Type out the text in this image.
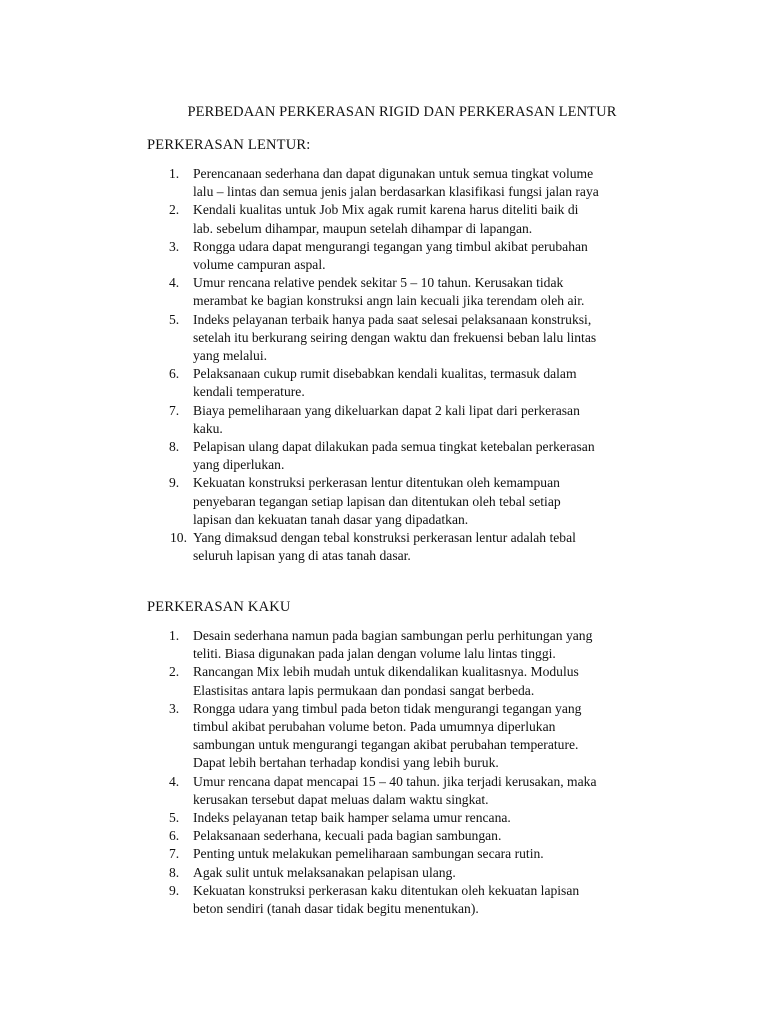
PERBEDAAN PERKERASAN RIGID DAN PERKERASAN LENTUR
PERKERASAN LENTUR:
1. Perencanaan sederhana dan dapat digunakan untuk semua tingkat volume
lalu – lintas dan semua jenis jalan berdasarkan klasifikasi fungsi jalan raya
2. Kendali kualitas untuk Job Mix agak rumit karena harus diteliti baik di
lab. sebelum dihampar, maupun setelah dihampar di lapangan.
3. Rongga udara dapat mengurangi tegangan yang timbul akibat perubahan
volume campuran aspal.
4. Umur rencana relative pendek sekitar 5 – 10 tahun. Kerusakan tidak
merambat ke bagian konstruksi angn lain kecuali jika terendam oleh air.
5. Indeks pelayanan terbaik hanya pada saat selesai pelaksanaan konstruksi,
setelah itu berkurang seiring dengan waktu dan frekuensi beban lalu lintas
yang melalui.
6. Pelaksanaan cukup rumit disebabkan kendali kualitas, termasuk dalam
kendali temperature.
7. Biaya pemeliharaan yang dikeluarkan dapat 2 kali lipat dari perkerasan
kaku.
8. Pelapisan ulang dapat dilakukan pada semua tingkat ketebalan perkerasan
yang diperlukan.
9. Kekuatan konstruksi perkerasan lentur ditentukan oleh kemampuan
penyebaran tegangan setiap lapisan dan ditentukan oleh tebal setiap
lapisan dan kekuatan tanah dasar yang dipadatkan.
10. Yang dimaksud dengan tebal konstruksi perkerasan lentur adalah tebal
seluruh lapisan yang di atas tanah dasar.
PERKERASAN KAKU
1. Desain sederhana namun pada bagian sambungan perlu perhitungan yang
teliti. Biasa digunakan pada jalan dengan volume lalu lintas tinggi.
2. Rancangan Mix lebih mudah untuk dikendalikan kualitasnya. Modulus
Elastisitas antara lapis permukaan dan pondasi sangat berbeda.
3. Rongga udara yang timbul pada beton tidak mengurangi tegangan yang
timbul akibat perubahan volume beton. Pada umumnya diperlukan
sambungan untuk mengurangi tegangan akibat perubahan temperature.
Dapat lebih bertahan terhadap kondisi yang lebih buruk.
4. Umur rencana dapat mencapai 15 – 40 tahun. jika terjadi kerusakan, maka
kerusakan tersebut dapat meluas dalam waktu singkat.
5. Indeks pelayanan tetap baik hamper selama umur rencana.
6. Pelaksanaan sederhana, kecuali pada bagian sambungan.
7. Penting untuk melakukan pemeliharaan sambungan secara rutin.
8. Agak sulit untuk melaksanakan pelapisan ulang.
9. Kekuatan konstruksi perkerasan kaku ditentukan oleh kekuatan lapisan
beton sendiri (tanah dasar tidak begitu menentukan).
